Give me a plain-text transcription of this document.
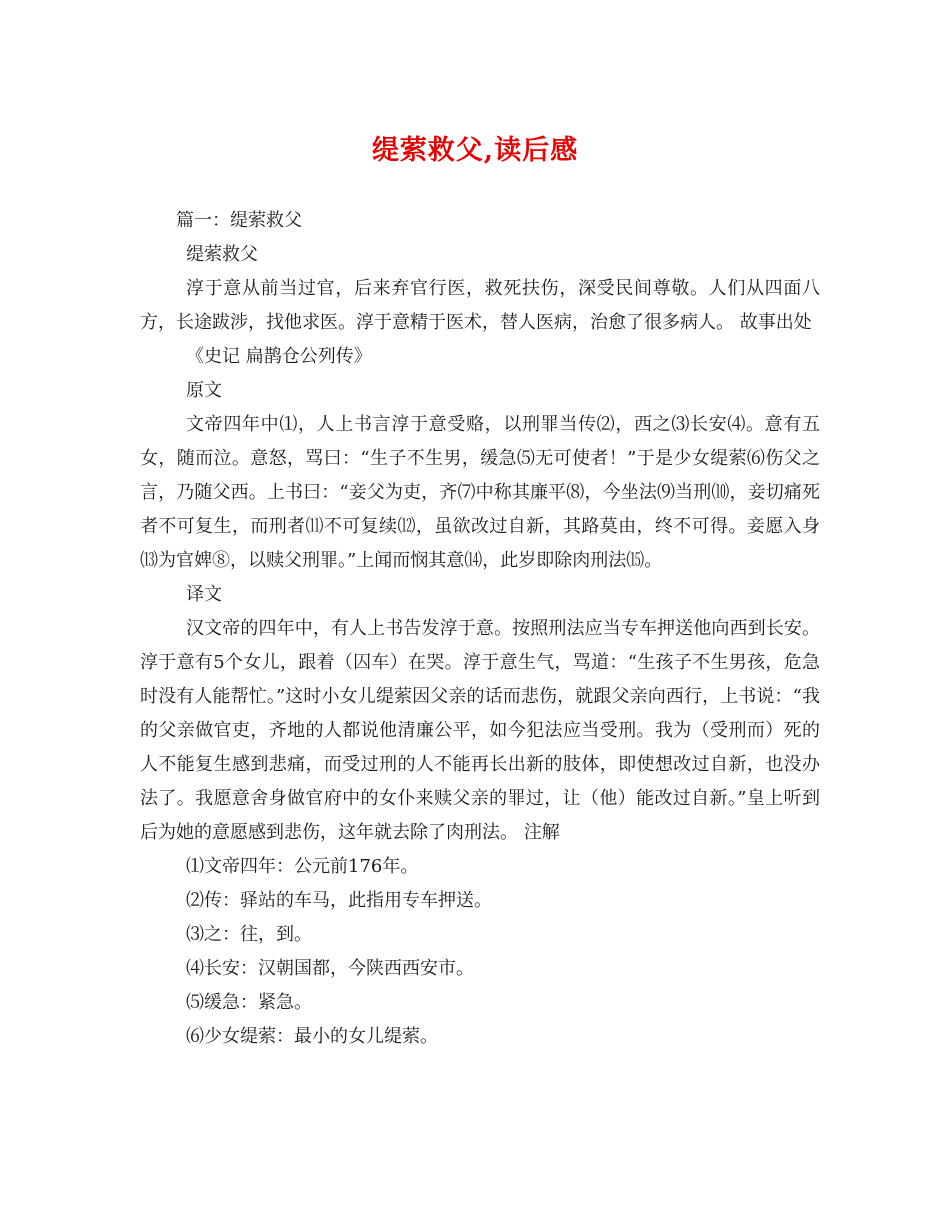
缇萦救父,读后感
篇一：缇萦救父
缇萦救父
淳于意从前当过官，后来弃官行医，救死扶伤，深受民间尊敬。人们从四面八方，长途跋涉，找他求医。淳于意精于医术，替人医病，治愈了很多病人。 故事出处
《史记 扁鹊仓公列传》
原文
文帝四年中⑴，人上书言淳于意受赂，以刑罪当传⑵，西之⑶长安⑷。意有五女，随而泣。意怒，骂曰：“生子不生男，缓急⑸无可使者！”于是少女缇萦⑹伤父之言，乃随父西。上书曰：“妾父为吏，齐⑺中称其廉平⑻，今坐法⑼当刑⑽，妾切痛死者不可复生，而刑者⑾不可复续⑿，虽欲改过自新，其路莫由，终不可得。妾愿入身⒀为官婢⑧，以赎父刑罪。”上闻而悯其意⒁，此岁即除肉刑法⒂。
译文
汉文帝的四年中，有人上书告发淳于意。按照刑法应当专车押送他向西到长安。淳于意有5个女儿，跟着（囚车）在哭。淳于意生气，骂道：“生孩子不生男孩，危急时没有人能帮忙。”这时小女儿缇萦因父亲的话而悲伤，就跟父亲向西行，上书说：“我的父亲做官吏，齐地的人都说他清廉公平，如今犯法应当受刑。我为（受刑而）死的人不能复生感到悲痛，而受过刑的人不能再长出新的肢体，即使想改过自新，也没办法了。我愿意舍身做官府中的女仆来赎父亲的罪过，让（他）能改过自新。”皇上听到后为她的意愿感到悲伤，这年就去除了肉刑法。 注解
⑴文帝四年：公元前176年。
⑵传：驿站的车马，此指用专车押送。
⑶之：往，到。
⑷长安：汉朝国都，今陕西西安市。
⑸缓急：紧急。
⑹少女缇萦：最小的女儿缇萦。
